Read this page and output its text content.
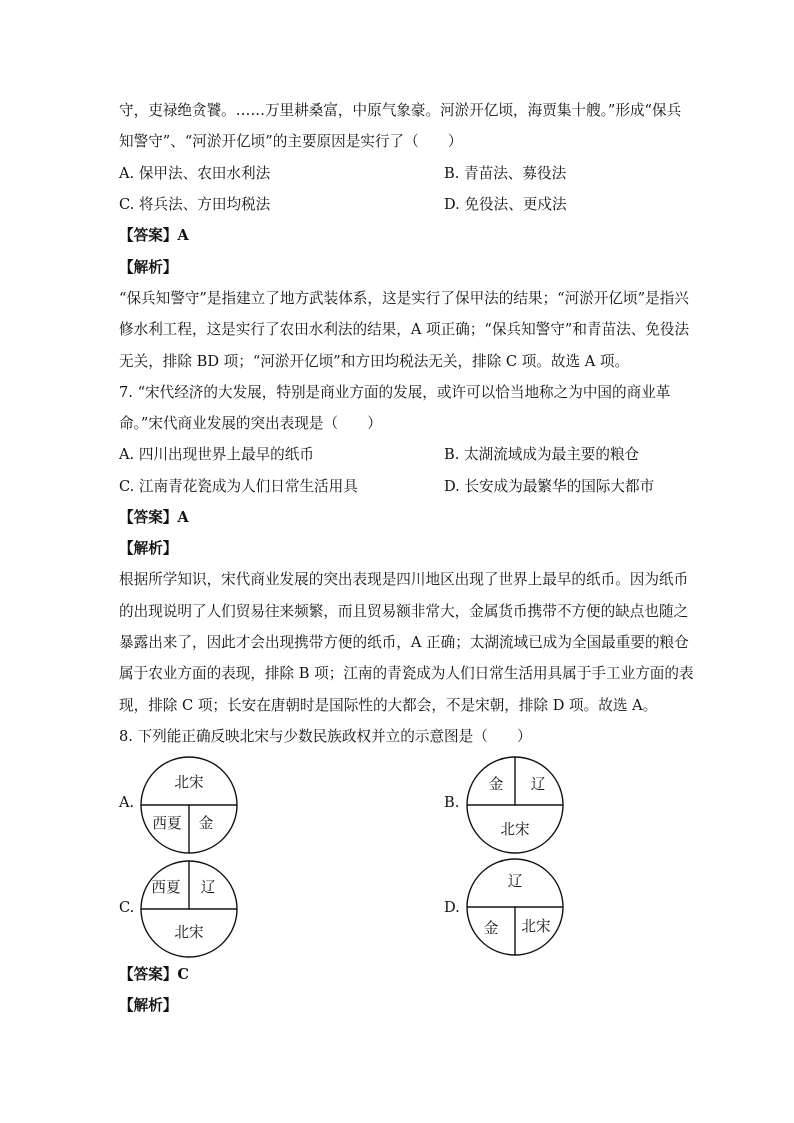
守，吏禄绝贪饕。……万里耕桑富，中原气象豪。河淤开亿顷，海贾集十艘。”形成“保兵
知警守”、“河淤开亿顷”的主要原因是实行了（　　）
A. 保甲法、农田水利法	B. 青苗法、募役法
C. 将兵法、方田均税法	D. 免役法、更戍法
【答案】A
【解析】
“保兵知警守”是指建立了地方武装体系，这是实行了保甲法的结果；“河淤开亿顷”是指兴
修水利工程，这是实行了农田水利法的结果，A 项正确；“保兵知警守”和青苗法、免役法
无关，排除 BD 项；“河淤开亿顷”和方田均税法无关，排除 C 项。故选 A 项。
7. “宋代经济的大发展，特别是商业方面的发展，或许可以恰当地称之为中国的商业革
命。”宋代商业发展的突出表现是（　　）
A. 四川出现世界上最早的纸币	B. 太湖流域成为最主要的粮仓
C. 江南青花瓷成为人们日常生活用具	D. 长安成为最繁华的国际大都市
【答案】A
【解析】
根据所学知识，宋代商业发展的突出表现是四川地区出现了世界上最早的纸币。因为纸币
的出现说明了人们贸易往来频繁，而且贸易额非常大，金属货币携带不方便的缺点也随之
暴露出来了，因此才会出现携带方便的纸币，A 正确；太湖流域已成为全国最重要的粮仓
属于农业方面的表现，排除 B 项；江南的青瓷成为人们日常生活用具属于手工业方面的表
现，排除 C 项；长安在唐朝时是国际性的大都会，不是宋朝，排除 D 项。故选 A。
8. 下列能正确反映北宋与少数民族政权并立的示意图是（　　）
A.
北宋
西夏 金
B.
金 辽
北宋
C.
西夏 辽
北宋
D.
辽
金 北宋
【答案】C
【解析】
